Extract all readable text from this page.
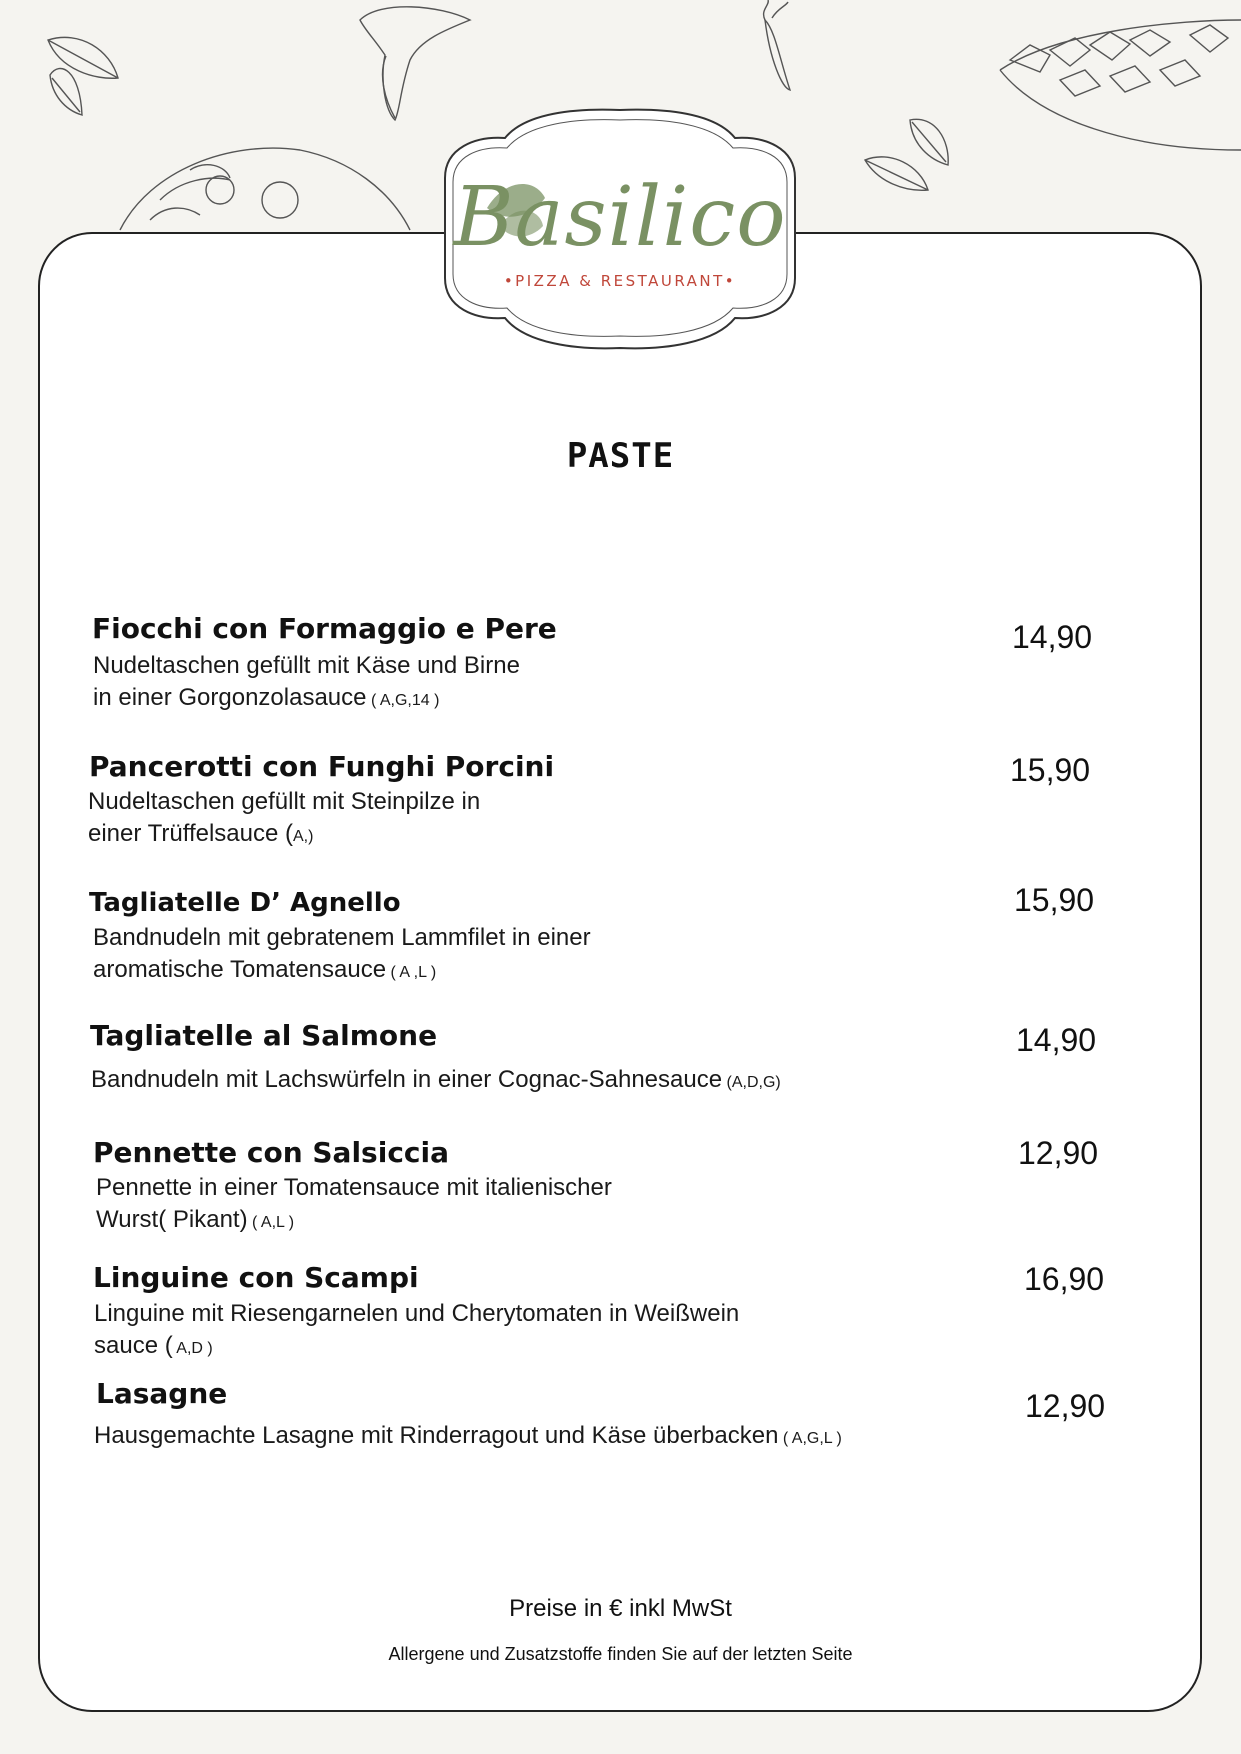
Basilico
•PIZZA & RESTAURANT•
PASTE
Fiocchi con Formaggio e Pere
Nudeltaschen gefüllt mit Käse und Birne
in einer Gorgonzolasauce ( A,G,14 )
14,90
Pancerotti con Funghi Porcini
Nudeltaschen gefüllt mit Steinpilze in
einer Trüffelsauce (A,)
15,90
Tagliatelle D’ Agnello
Bandnudeln mit gebratenem Lammfilet in einer
aromatische Tomatensauce ( A ,L )
15,90
Tagliatelle al Salmone
Bandnudeln mit Lachswürfeln in einer Cognac-Sahnesauce (A,D,G)
14,90
Pennette con Salsiccia
Pennette in einer Tomatensauce mit italienischer
Wurst( Pikant) ( A,L )
12,90
Linguine con Scampi
Linguine mit Riesengarnelen und Cherytomaten in Weißwein
sauce ( A,D )
16,90
Lasagne
Hausgemachte Lasagne mit Rinderragout und Käse überbacken ( A,G,L )
12,90
Preise in € inkl MwSt
Allergene und Zusatzstoffe finden Sie auf der letzten Seite
